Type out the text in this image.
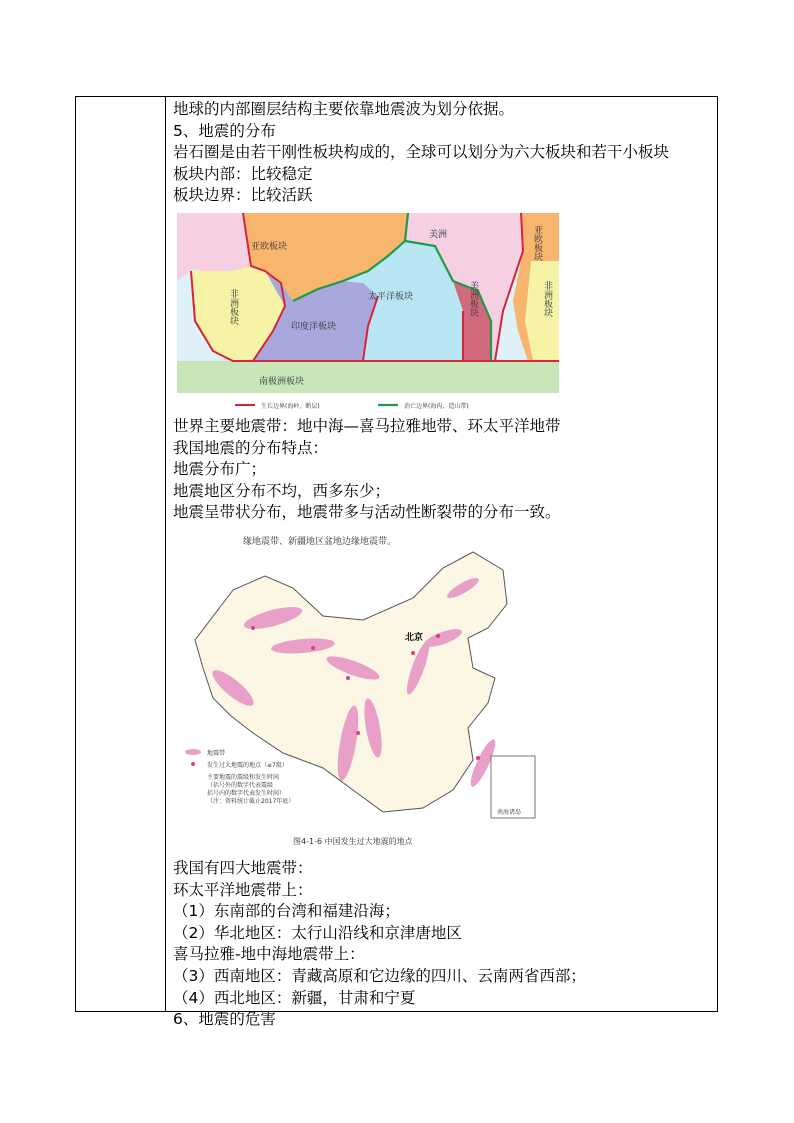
地球的内部圈层结构主要依靠地震波为划分依据。
5、地震的分布
岩石圈是由若干刚性板块构成的，全球可以划分为六大板块和若干小板块
板块内部：比较稳定
板块边界：比较活跃
亚欧板块
美洲
非洲板块	太平洋板块
印度洋板块
南极洲板块
美洲板块
亚欧板块
非洲板块
生长边界(海岭、断层)	消亡边界(海沟、造山带)
世界主要地震带：地中海—喜马拉雅地带、环太平洋地带
我国地震的分布特点：
地震分布广；
地震地区分布不均，西多东少；
地震呈带状分布，地震带多与活动性断裂带的分布一致。
缘地震带、新疆地区盆地边缘地震带。
北京
地震带
发生过大地震的地点（≥7级）
主要地震的震级和发生时间
（括号外的数字代表震级
括号内的数字代表发生时间）
（注：资料统计截止2017年底）
南海诸岛
图4-1-6 中国发生过大地震的地点
我国有四大地震带：
环太平洋地震带上：
（1）东南部的台湾和福建沿海；
（2）华北地区：太行山沿线和京津唐地区
喜马拉雅-地中海地震带上：
（3）西南地区：青藏高原和它边缘的四川、云南两省西部；
（4）西北地区：新疆，甘肃和宁夏
6、地震的危害
